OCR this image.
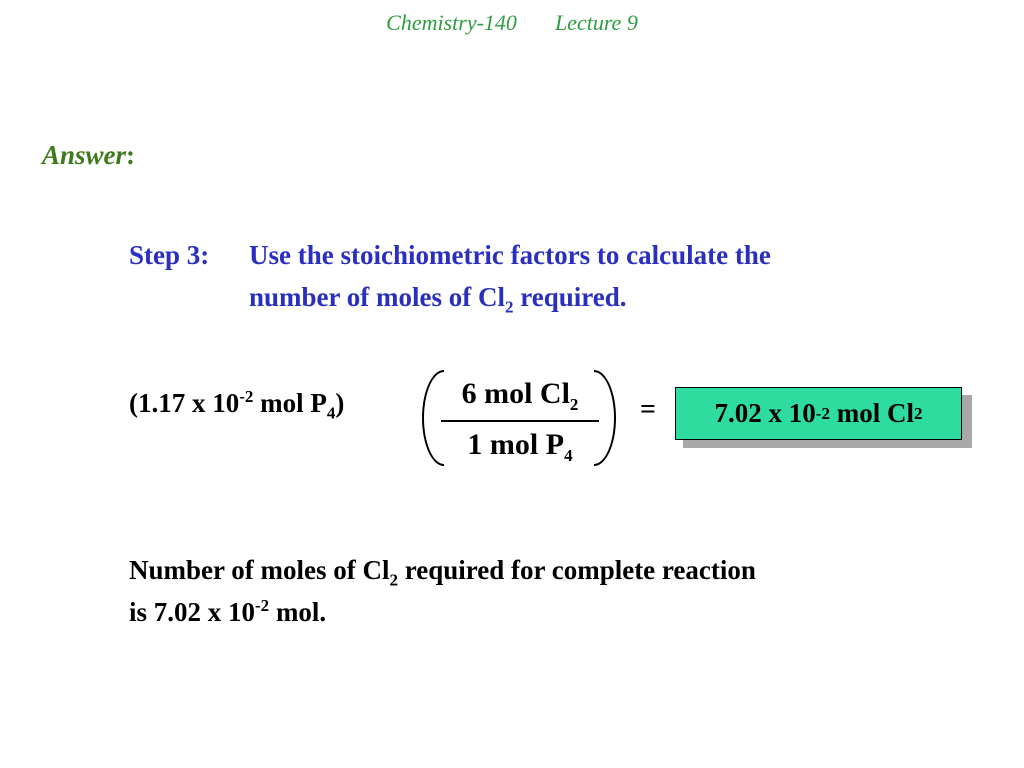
Chemistry-140 Lecture 9
Answer:
Step 3: Use the stoichiometric factors to calculate the
number of moles of $Cl_2$ required.
(1.17 x $10^{-2}$ mol $P_4$)	6 mol $Cl_2$
1 mol $P_4$
= 7.02 x 10 -2 mol Cl 2
Number of moles of $Cl_2$ required for complete reaction
is 7.02 x $10^{-2}$ mol.
